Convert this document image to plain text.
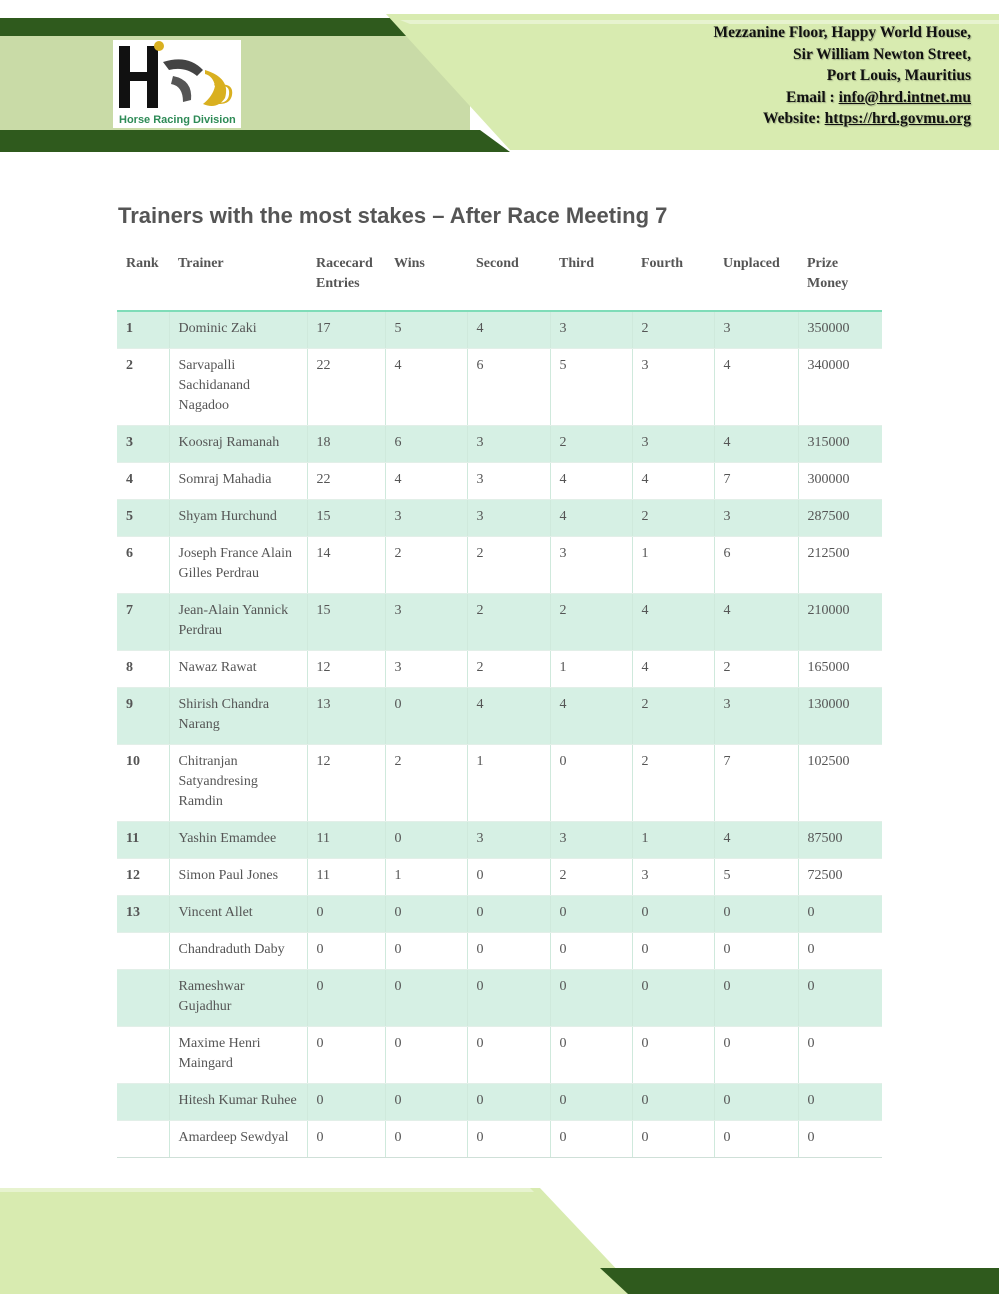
D
Horse Racing Division
Mezzanine Floor, Happy World House,
Sir William Newton Street,
Port Louis, Mauritius
Email : info@hrd.intnet.mu
Website: https://hrd.govmu.org
Trainers with the most stakes – After Race Meeting 7
Rank	Trainer	Racecard Entries	Wins	Second	Third	Fourth	Unplaced	Prize Money
1	Dominic Zaki	17	5	4	3	2	3	350000
2	Sarvapalli Sachidanand Nagadoo	22	4	6	5	3	4	340000
3	Koosraj Ramanah	18	6	3	2	3	4	315000
4	Somraj Mahadia	22	4	3	4	4	7	300000
5	Shyam Hurchund	15	3	3	4	2	3	287500
6	Joseph France Alain Gilles Perdrau	14	2	2	3	1	6	212500
7	Jean-Alain Yannick Perdrau	15	3	2	2	4	4	210000
8	Nawaz Rawat	12	3	2	1	4	2	165000
9	Shirish Chandra Narang	13	0	4	4	2	3	130000
10	Chitranjan Satyandresing Ramdin	12	2	1	0	2	7	102500
11	Yashin Emamdee	11	0	3	3	1	4	87500
12	Simon Paul Jones	11	1	0	2	3	5	72500
13	Vincent Allet	0	0	0	0	0	0	0
	Chandraduth Daby	0	0	0	0	0	0	0
	Rameshwar Gujadhur	0	0	0	0	0	0	0
	Maxime Henri Maingard	0	0	0	0	0	0	0
	Hitesh Kumar Ruhee	0	0	0	0	0	0	0
	Amardeep Sewdyal	0	0	0	0	0	0	0
